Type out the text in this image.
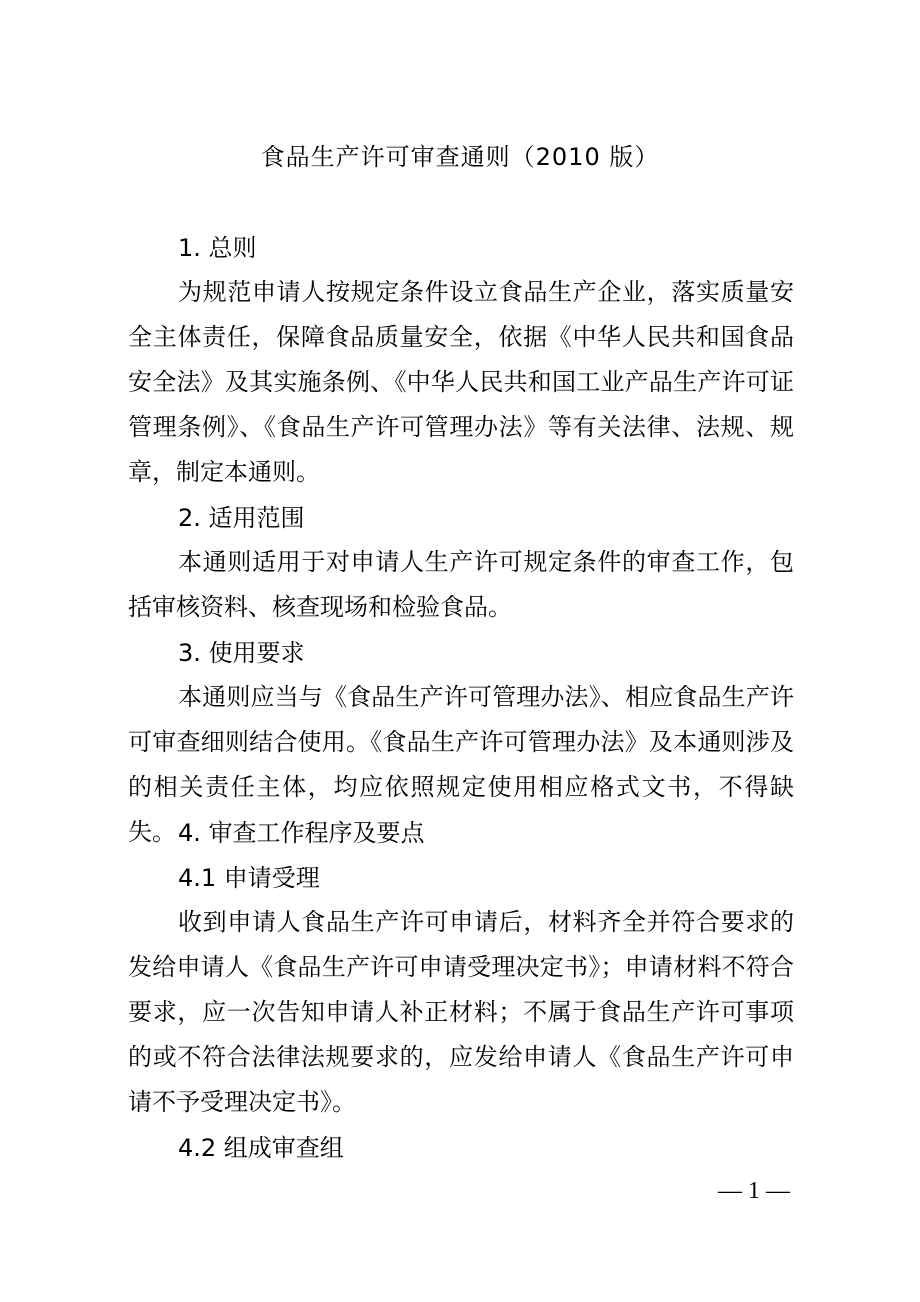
食品生产许可审查通则（2010 版）
1. 总则

为规范申请人按规定条件设立食品生产企业，落实质量安全主体责任，保障食品质量安全，依据《中华人民共和国食品安全法》及其实施条例、《中华人民共和国工业产品生产许可证管理条例》、《食品生产许可管理办法》等有关法律、法规、规章，制定本通则。

2. 适用范围

本通则适用于对申请人生产许可规定条件的审查工作，包括审核资料、核查现场和检验食品。

3. 使用要求

本通则应当与《食品生产许可管理办法》、相应食品生产许可审查细则结合使用。《食品生产许可管理办法》及本通则涉及的相关责任主体，均应依照规定使用相应格式文书，不得缺失。 4. 审查工作程序及要点
4.1 申请受理

收到申请人食品生产许可申请后，材料齐全并符合要求的发给申请人《食品生产许可申请受理决定书》；申请材料不符合要求，应一次告知申请人补正材料；不属于食品生产许可事项的或不符合法律法规要求的，应发给申请人《食品生产许可申请不予受理决定书》。

4.2 组成审查组
— 1 —
